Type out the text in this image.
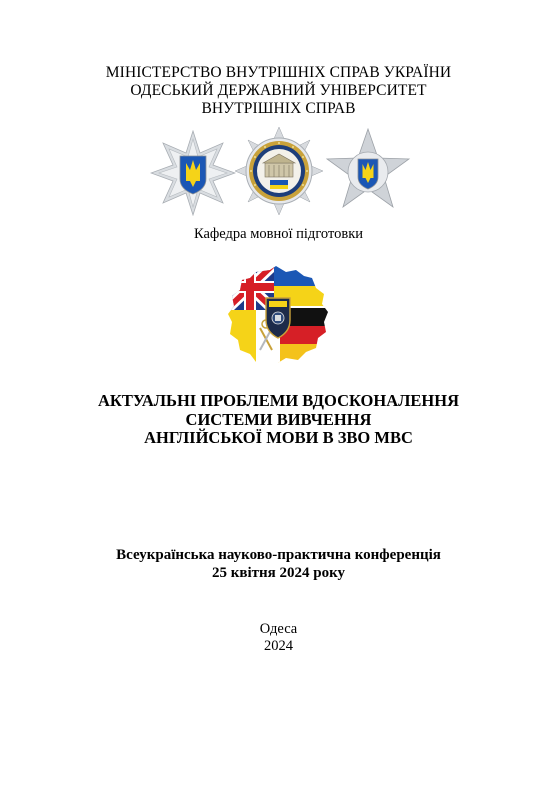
МІНІСТЕРСТВО ВНУТРІШНІХ СПРАВ УКРАЇНИ
ОДЕСЬКИЙ ДЕРЖАВНИЙ УНІВЕРСИТЕТ
ВНУТРІШНІХ СПРАВ
Кафедра мовної підготовки
АКТУАЛЬНІ ПРОБЛЕМИ ВДОСКОНАЛЕННЯ
СИСТЕМИ ВИВЧЕННЯ
АНГЛІЙСЬКОЇ МОВИ В ЗВО МВС
Всеукраїнська науково-практична конференція
25 квітня 2024 року
Одеса
2024
